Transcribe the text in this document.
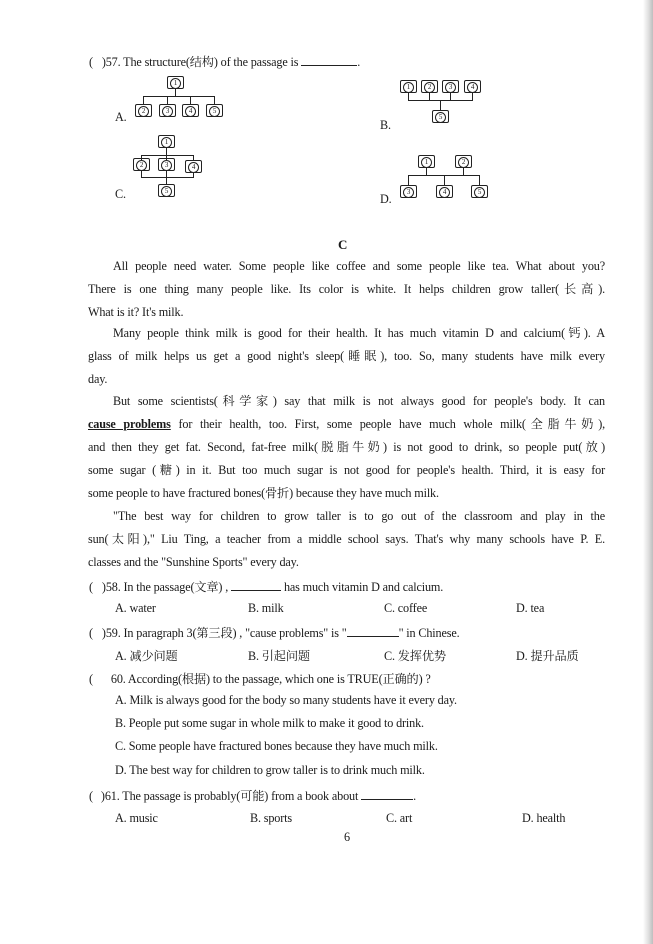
( )57. The structure(结构) of the passage is	.
A.
1
2	3	4	5
B.
1	2	3	4
5
C.
1
2	3	4
5
D.
1	2
3	4	5
C
All people need water. Some people like coffee and some people like tea. What about you?
There is one thing many people like. Its color is white. It helps children grow taller(长高).
What is it? It's milk.
Many people think milk is good for their health. It has much vitamin D and calcium(钙). A
glass of milk helps us get a good night's sleep(睡眠), too. So, many students have milk every
day.
But some scientists(科学家) say that milk is not always good for people's body. It can
cause problems for their health, too. First, some people have much whole milk(全脂牛奶),
and then they get fat. Second, fat-free milk(脱脂牛奶) is not good to drink, so people put(放)
some sugar (糖) in it. But too much sugar is not good for people's health. Third, it is easy for
some people to have fractured bones(骨折) because they have much milk.
"The best way for children to grow taller is to go out of the classroom and play in the
sun(太阳)," Liu Ting, a teacher from a middle school says. That's why many schools have P. E.
classes and the "Sunshine Sports" every day.
( )58. In the passage(文章) ,	has much vitamin D and calcium.
A. water	B. milk	C. coffee	D. tea
( )59. In paragraph 3(第三段) , "cause problems" is "	" in Chinese.
A. 减少问题	B. 引起问题	C. 发挥优势	D. 提升品质
( 60. According(根据) to the passage, which one is TRUE(正确的) ?
A. Milk is always good for the body so many students have it every day.
B. People put some sugar in whole milk to make it good to drink.
C. Some people have fractured bones because they have much milk.
D. The best way for children to grow taller is to drink much milk.
( )61. The passage is probably(可能) from a book about	.
A. music	B. sports	C. art	D. health
6
